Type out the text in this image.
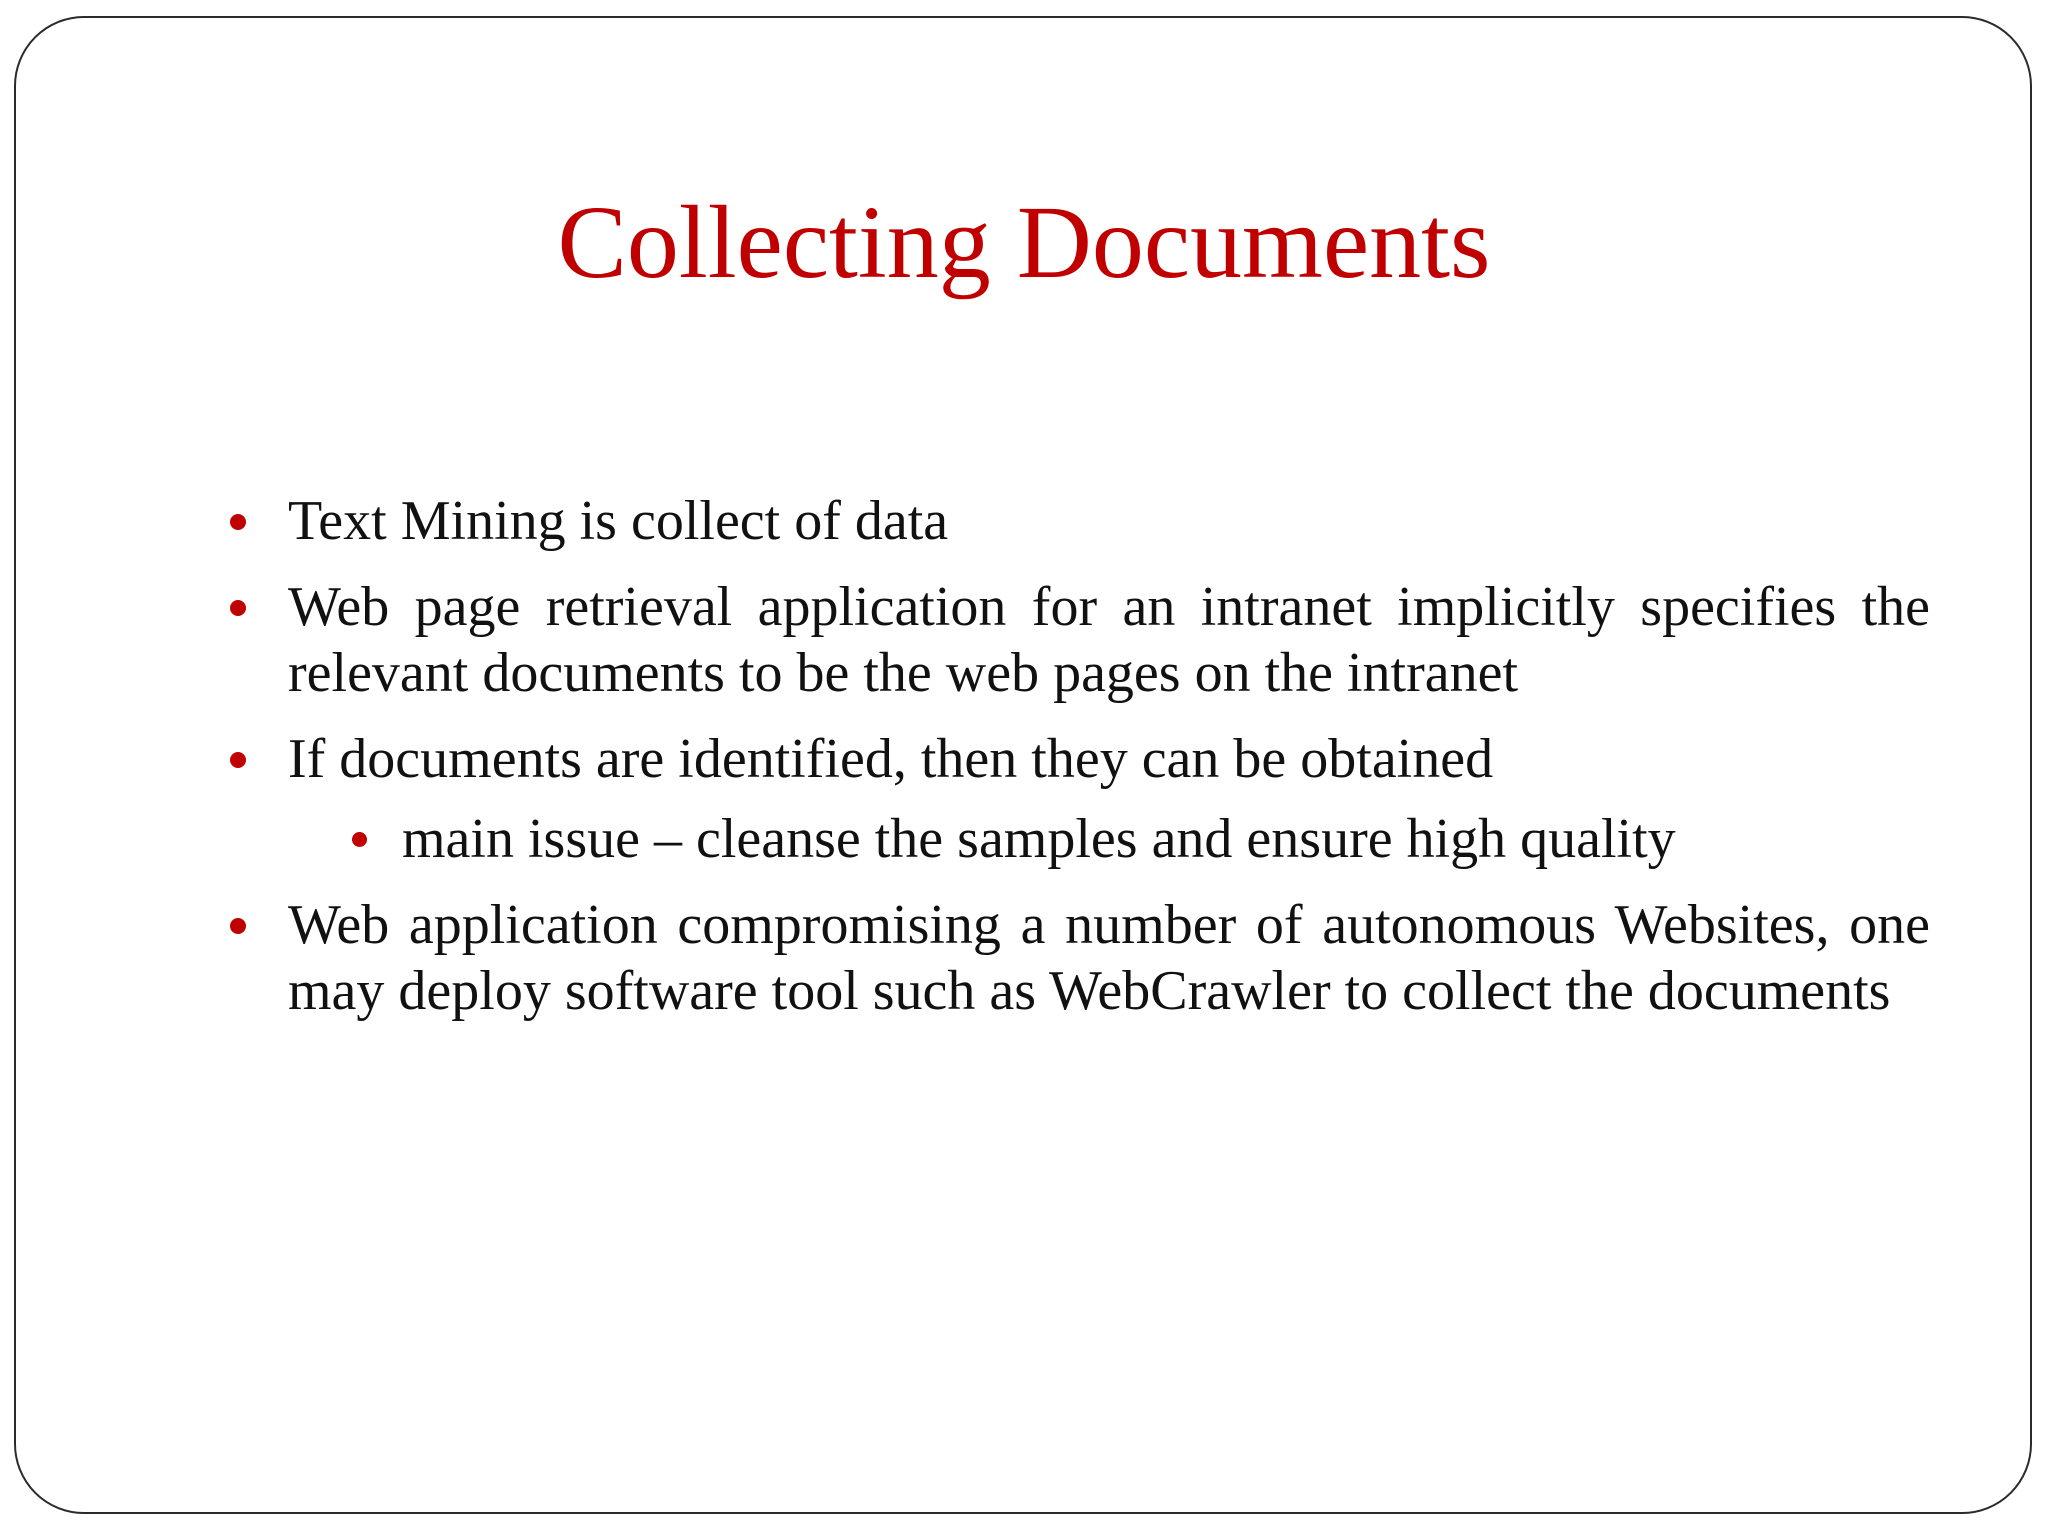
Collecting Documents
Text Mining is collect of data
Web page retrieval application for an intranet implicitly specifies the relevant documents to be the web pages on the intranet
If documents are identified, then they can be obtained
main issue – cleanse the samples and ensure high quality
Web application compromising a number of autonomous Websites, one may deploy software tool such as WebCrawler to collect the documents
